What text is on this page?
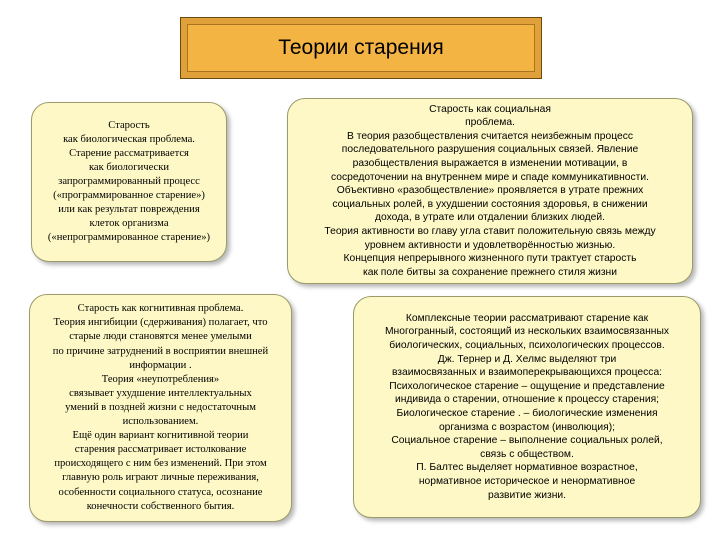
Теории старения
Старость
как биологическая проблема.
Старение рассматривается
как биологически
запрограммированный процесс
(«программированное старение»)
или как результат повреждения
клеток организма
(«непрограммированное старение»)
Старость как социальная
проблема.
В теория разобществления считается неизбежным процесс
последовательного разрушения социальных связей. Явление
разобществления выражается в изменении мотивации, в
сосредоточении на внутреннем мире и спаде коммуникативности.
Объективно «разобществление» проявляется в утрате прежних
социальных ролей, в ухудшении состояния здоровья, в снижении
дохода, в утрате или отдалении близких людей.
Теория активности во главу угла ставит положительную связь между
уровнем активности и удовлетворённостью жизнью.
Концепция непрерывного жизненного пути трактует старость
как поле битвы за сохранение прежнего стиля жизни
Старость как когнитивная проблема.
Теория ингибиции (сдерживания) полагает, что
старые люди становятся менее умелыми
по причине затруднений в восприятии внешней
информации .
Теория «неупотребления»
связывает ухудшение интеллектуальных
умений в поздней жизни с недостаточным
использованием.
Ещё один вариант когнитивной теории
старения рассматривает истолкование
происходящего с ним без изменений. При этом
главную роль играют личные переживания,
особенности социального статуса, осознание
конечности собственного бытия.
Комплексные теории рассматривают старение как
Многогранный, состоящий из нескольких взаимосвязанных
биологических, социальных, психологических процессов.
Дж. Тернер и Д. Хелмс выделяют три
взаимосвязанных и взаимоперекрывающихся процесса:
Психологическое старение – ощущение и представление
индивида о старении, отношение к процессу старения;
Биологическое старение . – биологические изменения
организма с возрастом (инволюция);
Социальное старение – выполнение социальных ролей,
связь с обществом.
П. Балтес выделяет нормативное возрастное,
нормативное историческое и ненормативное
развитие жизни.
